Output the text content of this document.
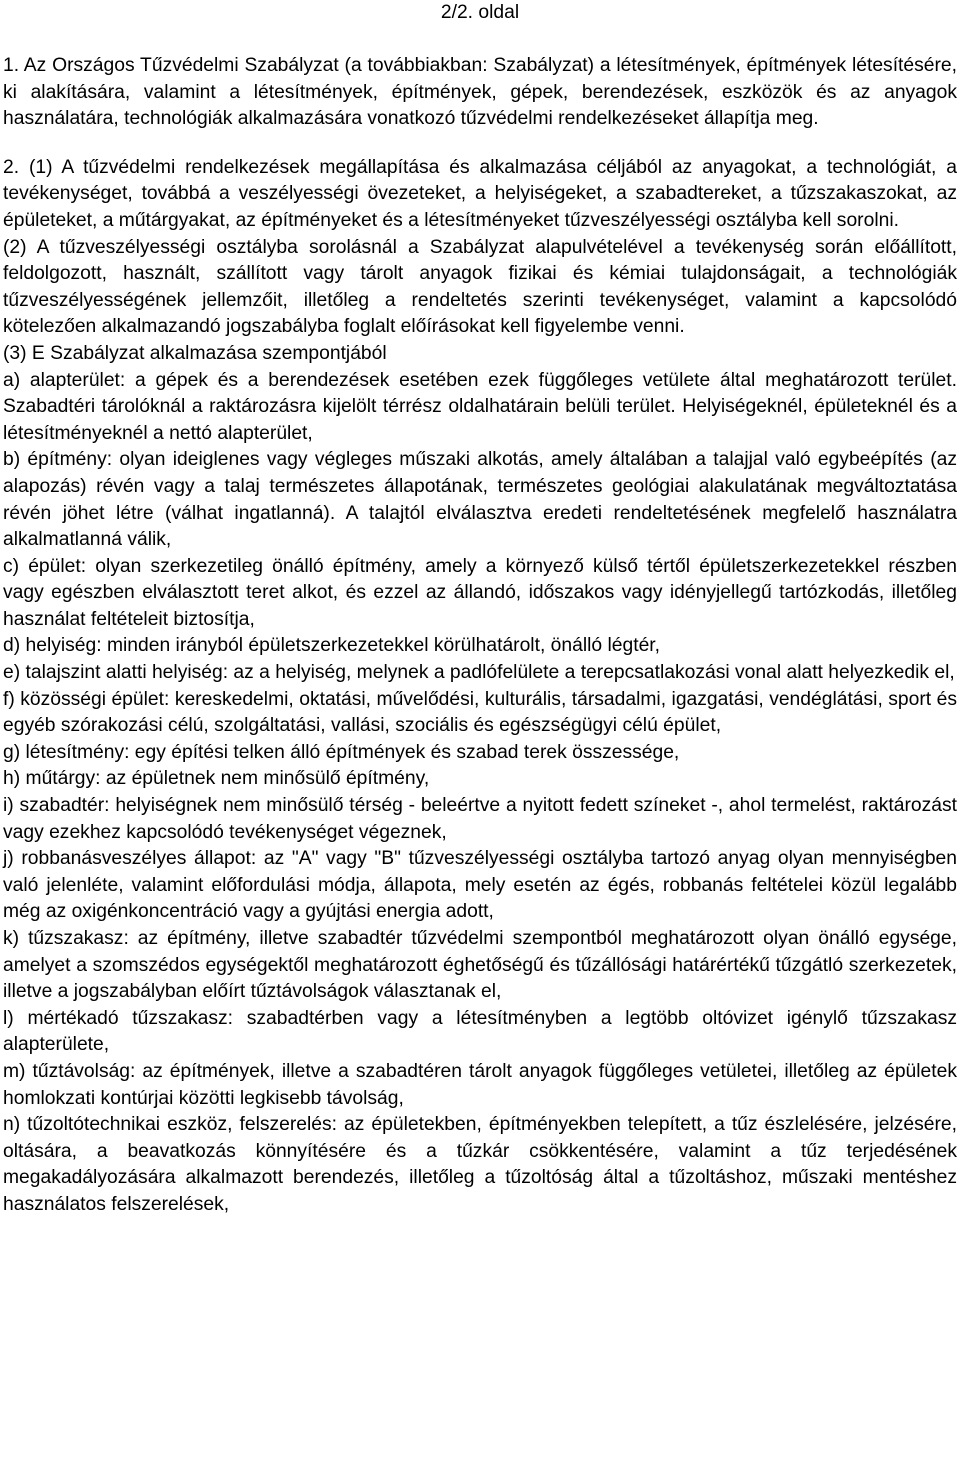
2/2. oldal

1. Az Országos Tűzvédelmi Szabályzat (a továbbiakban: Szabályzat) a létesítmények, építmények létesítésére, ki alakítására, valamint a létesítmények, építmények, gépek, berendezések, eszközök és az anyagok használatára, technológiák alkalmazására vonatkozó tűzvédelmi rendelkezéseket állapítja meg.

2. (1) A tűzvédelmi rendelkezések megállapítása és alkalmazása céljából az anyagokat, a technológiát, a tevékenységet, továbbá a veszélyességi övezeteket, a helyiségeket, a szabadtereket, a tűzszakaszokat, az épületeket, a műtárgyakat, az építményeket és a létesítményeket tűzveszélyességi osztályba kell sorolni.

(2) A tűzveszélyességi osztályba sorolásnál a Szabályzat alapulvételével a tevékenység során előállított, feldolgozott, használt, szállított vagy tárolt anyagok fizikai és kémiai tulajdonságait, a technológiák tűzveszélyességének jellemzőit, illetőleg a rendeltetés szerinti tevékenységet, valamint a kapcsolódó kötelezően alkalmazandó jogszabályba foglalt előírásokat kell figyelembe venni.

(3) E Szabályzat alkalmazása szempontjából

a) alapterület: a gépek és a berendezések esetében ezek függőleges vetülete által meghatározott terület. Szabadtéri tárolóknál a raktározásra kijelölt térrész oldalhatárain belüli terület. Helyiségeknél, épületeknél és a létesítményeknél a nettó alapterület,

b) építmény: olyan ideiglenes vagy végleges műszaki alkotás, amely általában a talajjal való egybeépítés (az alapozás) révén vagy a talaj természetes állapotának, természetes geológiai alakulatának megváltoztatása révén jöhet létre (válhat ingatlanná). A talajtól elválasztva eredeti rendeltetésének megfelelő használatra alkalmatlanná válik,

c) épület: olyan szerkezetileg önálló építmény, amely a környező külső tértől épületszerkezetekkel részben vagy egészben elválasztott teret alkot, és ezzel az állandó, időszakos vagy idényjellegű tartózkodás, illetőleg használat feltételeit biztosítja,

d) helyiség: minden irányból épületszerkezetekkel körülhatárolt, önálló légtér,

e) talajszint alatti helyiség: az a helyiség, melynek a padlófelülete a terepcsatlakozási vonal alatt helyezkedik el,

f) közösségi épület: kereskedelmi, oktatási, művelődési, kulturális, társadalmi, igazgatási, vendéglátási, sport és egyéb szórakozási célú, szolgáltatási, vallási, szociális és egészségügyi célú épület,

g) létesítmény: egy építési telken álló építmények és szabad terek összessége,

h) műtárgy: az épületnek nem minősülő építmény,

i) szabadtér: helyiségnek nem minősülő térség - beleértve a nyitott fedett színeket -, ahol termelést, raktározást vagy ezekhez kapcsolódó tevékenységet végeznek,

j) robbanásveszélyes állapot: az "A" vagy "B" tűzveszélyességi osztályba tartozó anyag olyan mennyiségben való jelenléte, valamint előfordulási módja, állapota, mely esetén az égés, robbanás feltételei közül legalább még az oxigénkoncentráció vagy a gyújtási energia adott,

k) tűzszakasz: az építmény, illetve szabadtér tűzvédelmi szempontból meghatározott olyan önálló egysége, amelyet a szomszédos egységektől meghatározott éghetőségű és tűzállósági határértékű tűzgátló szerkezetek, illetve a jogszabályban előírt tűztávolságok választanak el,

l) mértékadó tűzszakasz: szabadtérben vagy a létesítményben a legtöbb oltóvizet igénylő tűzszakasz alapterülete,

m) tűztávolság: az építmények, illetve a szabadtéren tárolt anyagok függőleges vetületei, illetőleg az épületek homlokzati kontúrjai közötti legkisebb távolság,

n) tűzoltótechnikai eszköz, felszerelés: az épületekben, építményekben telepített, a tűz észlelésére, jelzésére, oltására, a beavatkozás könnyítésére és a tűzkár csökkentésére, valamint a tűz terjedésének megakadályozására alkalmazott berendezés, illetőleg a tűzoltóság által a tűzoltáshoz, műszaki mentéshez használatos felszerelések,
